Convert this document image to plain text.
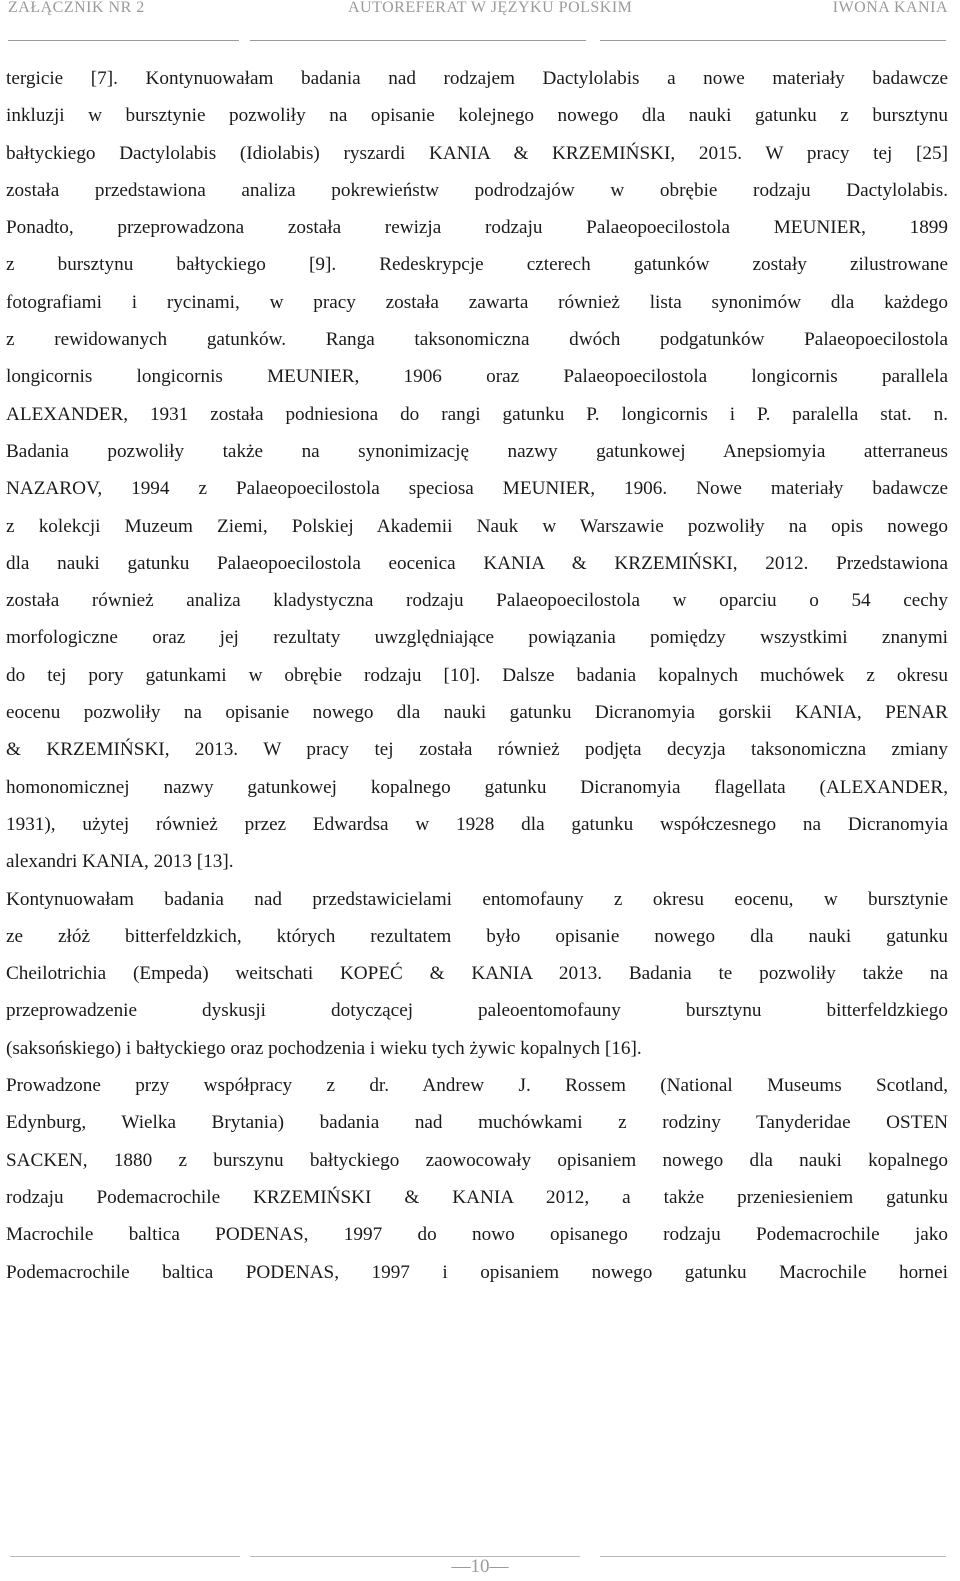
ZAŁĄCZNIK NR 2	AUTOREFERAT W JĘZYKU POLSKIM	IWONA KANIA
tergicie [7]. Kontynuowałam badania nad rodzajem Dactylolabis a nowe materiały badawcze
inkluzji w bursztynie pozwoliły na opisanie kolejnego nowego dla nauki gatunku z bursztynu
bałtyckiego Dactylolabis (Idiolabis) ryszardi KANIA & KRZEMIŃSKI, 2015. W pracy tej [25]
została przedstawiona analiza pokrewieństw podrodzajów w obrębie rodzaju Dactylolabis.
Ponadto, przeprowadzona została rewizja rodzaju Palaeopoecilostola MEUNIER, 1899
z bursztynu bałtyckiego [9]. Redeskrypcje czterech gatunków zostały zilustrowane
fotografiami i rycinami, w pracy została zawarta również lista synonimów dla każdego
z rewidowanych gatunków. Ranga taksonomiczna dwóch podgatunków Palaeopoecilostola
longicornis longicornis MEUNIER, 1906 oraz Palaeopoecilostola longicornis parallela
ALEXANDER, 1931 została podniesiona do rangi gatunku P. longicornis i P. paralella stat. n.
Badania pozwoliły także na synonimizację nazwy gatunkowej Anepsiomyia atterraneus
NAZAROV, 1994 z Palaeopoecilostola speciosa MEUNIER, 1906. Nowe materiały badawcze
z kolekcji Muzeum Ziemi, Polskiej Akademii Nauk w Warszawie pozwoliły na opis nowego
dla nauki gatunku Palaeopoecilostola eocenica KANIA & KRZEMIŃSKI, 2012. Przedstawiona
została również analiza kladystyczna rodzaju Palaeopoecilostola w oparciu o 54 cechy
morfologiczne oraz jej rezultaty uwzględniające powiązania pomiędzy wszystkimi znanymi
do tej pory gatunkami w obrębie rodzaju [10]. Dalsze badania kopalnych muchówek z okresu
eocenu pozwoliły na opisanie nowego dla nauki gatunku Dicranomyia gorskii KANIA, PENAR
& KRZEMIŃSKI, 2013. W pracy tej została również podjęta decyzja taksonomiczna zmiany
homonomicznej nazwy gatunkowej kopalnego gatunku Dicranomyia flagellata (ALEXANDER,
1931), użytej również przez Edwardsa w 1928 dla gatunku współczesnego na Dicranomyia
alexandri KANIA, 2013 [13].
Kontynuowałam badania nad przedstawicielami entomofauny z okresu eocenu, w bursztynie
ze złóż bitterfeldzkich, których rezultatem było opisanie nowego dla nauki gatunku
Cheilotrichia (Empeda) weitschati KOPEĆ & KANIA 2013. Badania te pozwoliły także na
przeprowadzenie dyskusji dotyczącej paleoentomofauny bursztynu bitterfeldzkiego
(saksońskiego) i bałtyckiego oraz pochodzenia i wieku tych żywic kopalnych [16].
Prowadzone przy współpracy z dr. Andrew J. Rossem (National Museums Scotland,
Edynburg, Wielka Brytania) badania nad muchówkami z rodziny Tanyderidae OSTEN
SACKEN, 1880 z burszynu bałtyckiego zaowocowały opisaniem nowego dla nauki kopalnego
rodzaju Podemacrochile KRZEMIŃSKI & KANIA 2012, a także przeniesieniem gatunku
Macrochile baltica PODENAS, 1997 do nowo opisanego rodzaju Podemacrochile jako
Podemacrochile baltica PODENAS, 1997 i opisaniem nowego gatunku Macrochile hornei
—10—
